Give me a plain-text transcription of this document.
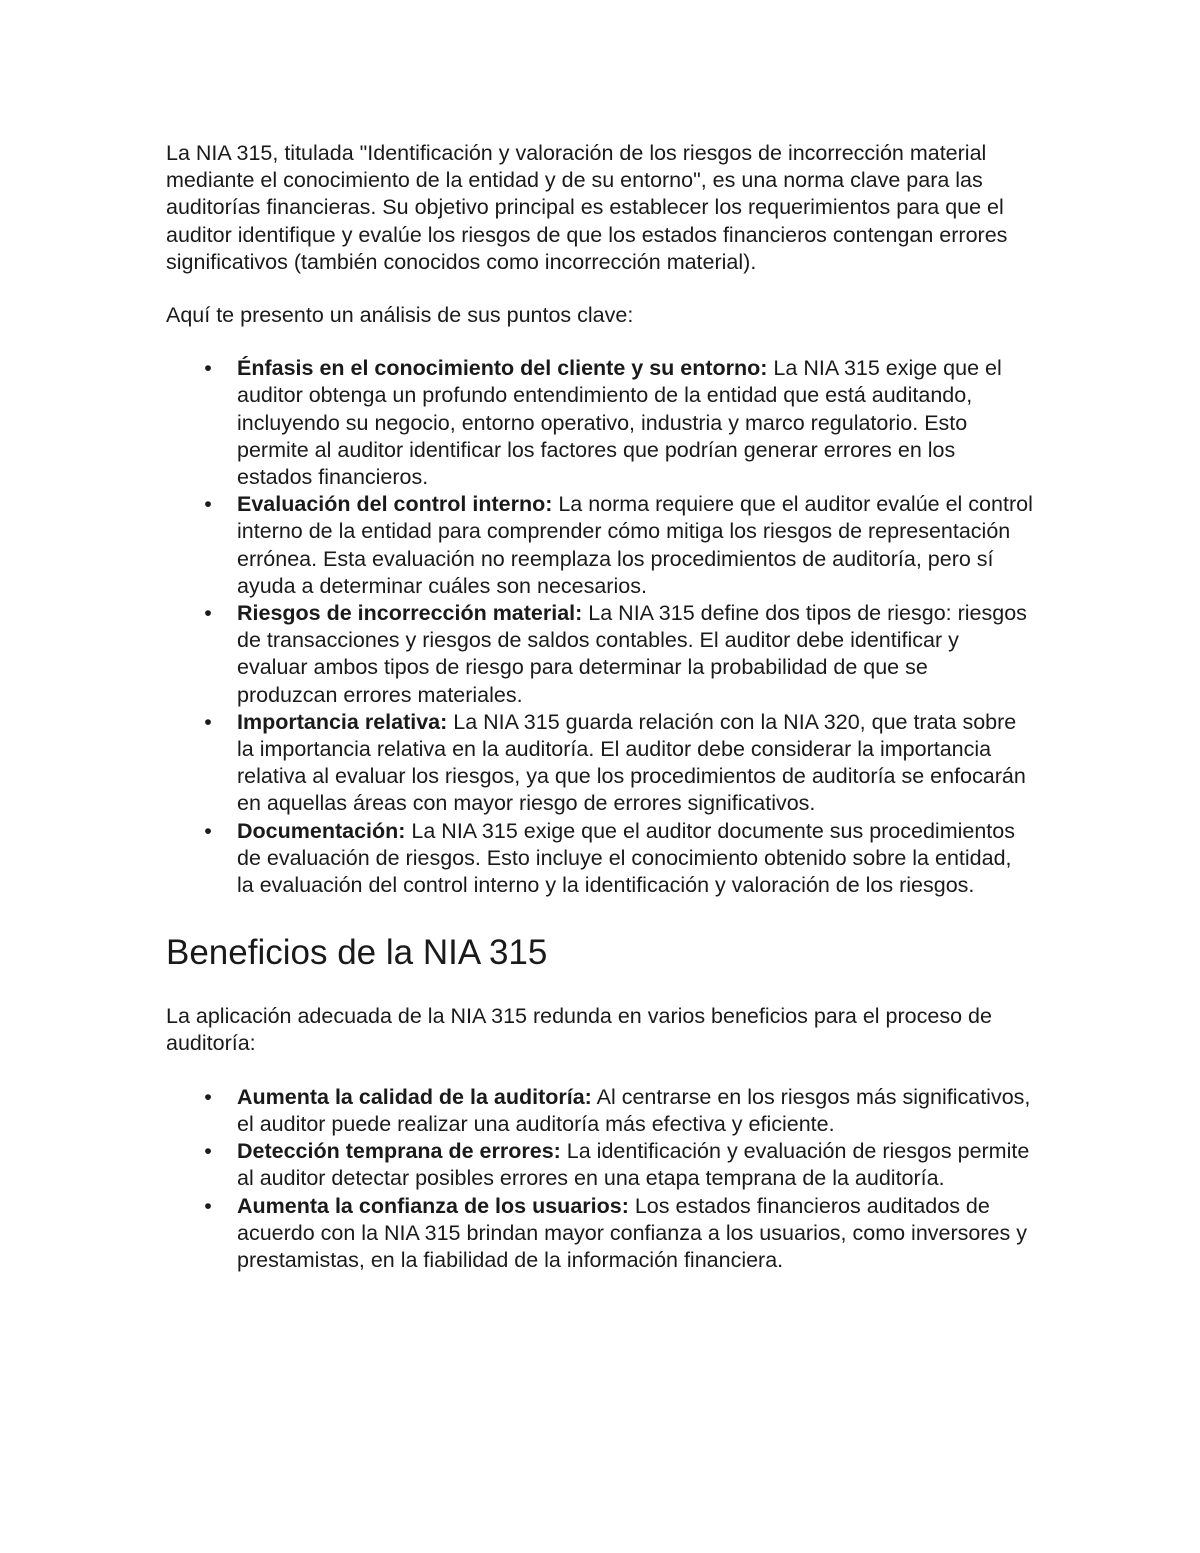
La NIA 315, titulada "Identificación y valoración de los riesgos de incorrección material mediante el conocimiento de la entidad y de su entorno", es una norma clave para las auditorías financieras. Su objetivo principal es establecer los requerimientos para que el auditor identifique y evalúe los riesgos de que los estados financieros contengan errores significativos (también conocidos como incorrección material).

Aquí te presento un análisis de sus puntos clave:

• Énfasis en el conocimiento del cliente y su entorno: La NIA 315 exige que el auditor obtenga un profundo entendimiento de la entidad que está auditando, incluyendo su negocio, entorno operativo, industria y marco regulatorio. Esto permite al auditor identificar los factores que podrían generar errores en los estados financieros.
• Evaluación del control interno: La norma requiere que el auditor evalúe el control interno de la entidad para comprender cómo mitiga los riesgos de representación errónea. Esta evaluación no reemplaza los procedimientos de auditoría, pero sí ayuda a determinar cuáles son necesarios.
• Riesgos de incorrección material: La NIA 315 define dos tipos de riesgo: riesgos de transacciones y riesgos de saldos contables. El auditor debe identificar y evaluar ambos tipos de riesgo para determinar la probabilidad de que se produzcan errores materiales.
• Importancia relativa: La NIA 315 guarda relación con la NIA 320, que trata sobre la importancia relativa en la auditoría. El auditor debe considerar la importancia relativa al evaluar los riesgos, ya que los procedimientos de auditoría se enfocarán en aquellas áreas con mayor riesgo de errores significativos.
• Documentación: La NIA 315 exige que el auditor documente sus procedimientos de evaluación de riesgos. Esto incluye el conocimiento obtenido sobre la entidad, la evaluación del control interno y la identificación y valoración de los riesgos.
Beneficios de la NIA 315

La aplicación adecuada de la NIA 315 redunda en varios beneficios para el proceso de auditoría:

• Aumenta la calidad de la auditoría: Al centrarse en los riesgos más significativos, el auditor puede realizar una auditoría más efectiva y eficiente.
• Detección temprana de errores: La identificación y evaluación de riesgos permite al auditor detectar posibles errores en una etapa temprana de la auditoría.
• Aumenta la confianza de los usuarios: Los estados financieros auditados de acuerdo con la NIA 315 brindan mayor confianza a los usuarios, como inversores y prestamistas, en la fiabilidad de la información financiera.
